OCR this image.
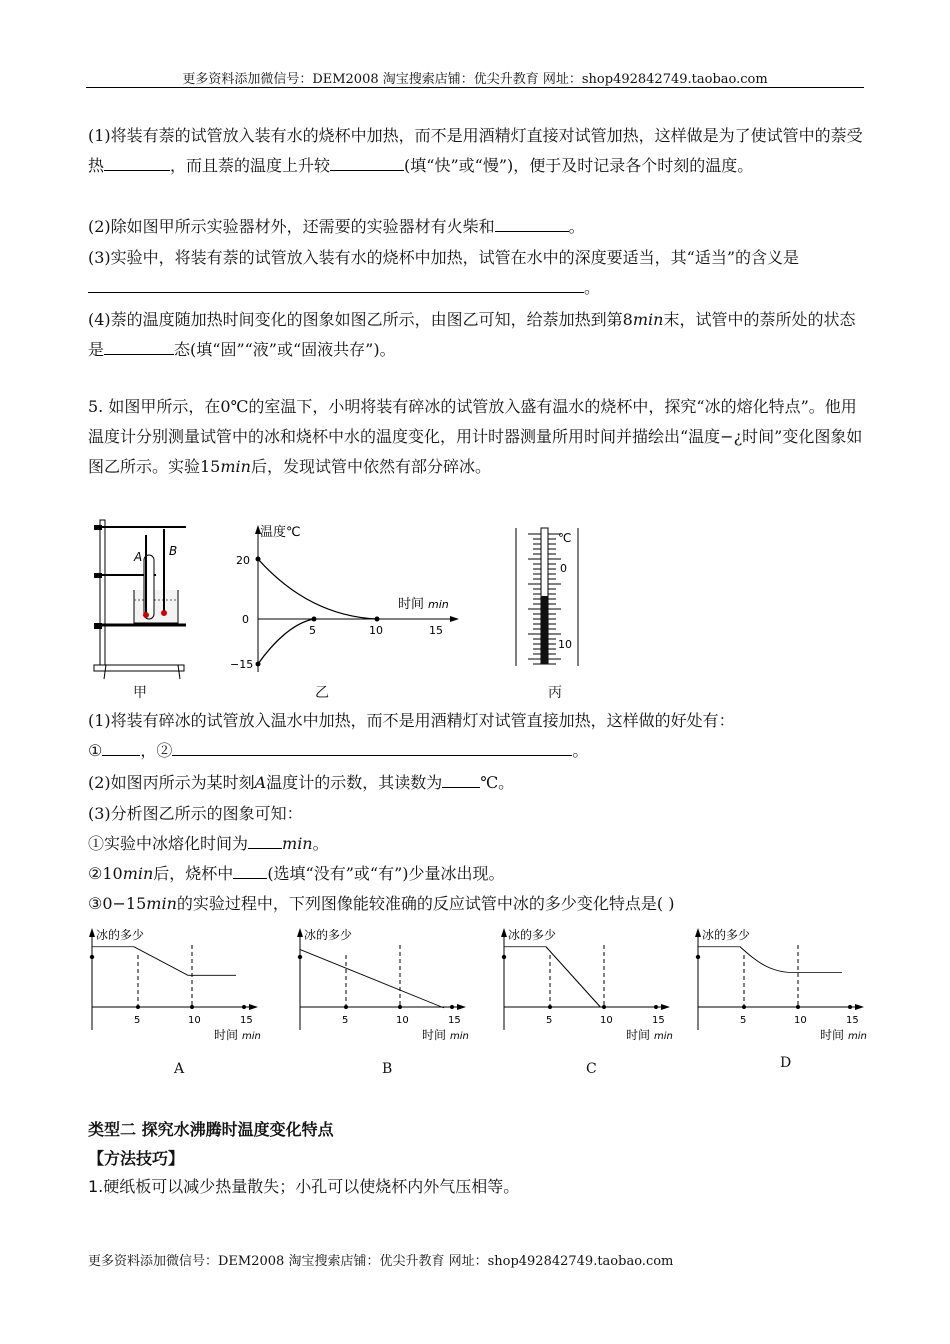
更多资料添加微信号：DEM2008 淘宝搜索店铺：优尖升教育 网址：shop492842749.taobao.com
(1)将装有萘的试管放入装有水的烧杯中加热，而不是用酒精灯直接对试管加热，这样做是为了使试管中的萘受热	，而且萘的温度上升较	(填“快”或“慢”)，便于及时记录各个时刻的温度。
(2)除如图甲所示实验器材外，还需要的实验器材有火柴和	。
(3)实验中，将装有萘的试管放入装有水的烧杯中加热，试管在水中的深度要适当，其“适当”的含义是。
(4)萘的温度随加热时间变化的图象如图乙所示，由图乙可知，给萘加热到第8min末，试管中的萘所处的状态是	态(填“固”“液”或“固液共存”)。
5. 如图甲所示，在0℃的室温下，小明将装有碎冰的试管放入盛有温水的烧杯中，探究“冰的熔化特点”。他用温度计分别测量试管中的冰和烧杯中水的温度变化，用计时器测量所用时间并描绘出“温度−¿时间”变化图象如图乙所示。实验15min后，发现试管中依然有部分碎冰。
A B
甲
温度℃
时间 min
20
0
−15
5	10	15
乙
℃
0
10
丙
(1)将装有碎冰的试管放入温水中加热，而不是用酒精灯对试管直接加热，这样做的好处有：
① ，②	。
(2)如图丙所示为某时刻A温度计的示数，其读数为 ℃。
(3)分析图乙所示的图象可知：
①实验中冰熔化时间为 min。
②10min后，烧杯中 (选填“没有”或“有”)少量冰出现。
③0−15min的实验过程中，下列图像能较准确的反应试管中冰的多少变化特点是( )
冰的多少
5	10	15
时间 min
A
冰的多少
5	10	15
时间 min
B
冰的多少
5	10	15
时间 min
C
冰的多少
5	10	15
时间 min
D
类型二 探究水沸腾时温度变化特点
【方法技巧】
1.硬纸板可以减少热量散失；小孔可以使烧杯内外气压相等。
更多资料添加微信号：DEM2008 淘宝搜索店铺：优尖升教育 网址：shop492842749.taobao.com
